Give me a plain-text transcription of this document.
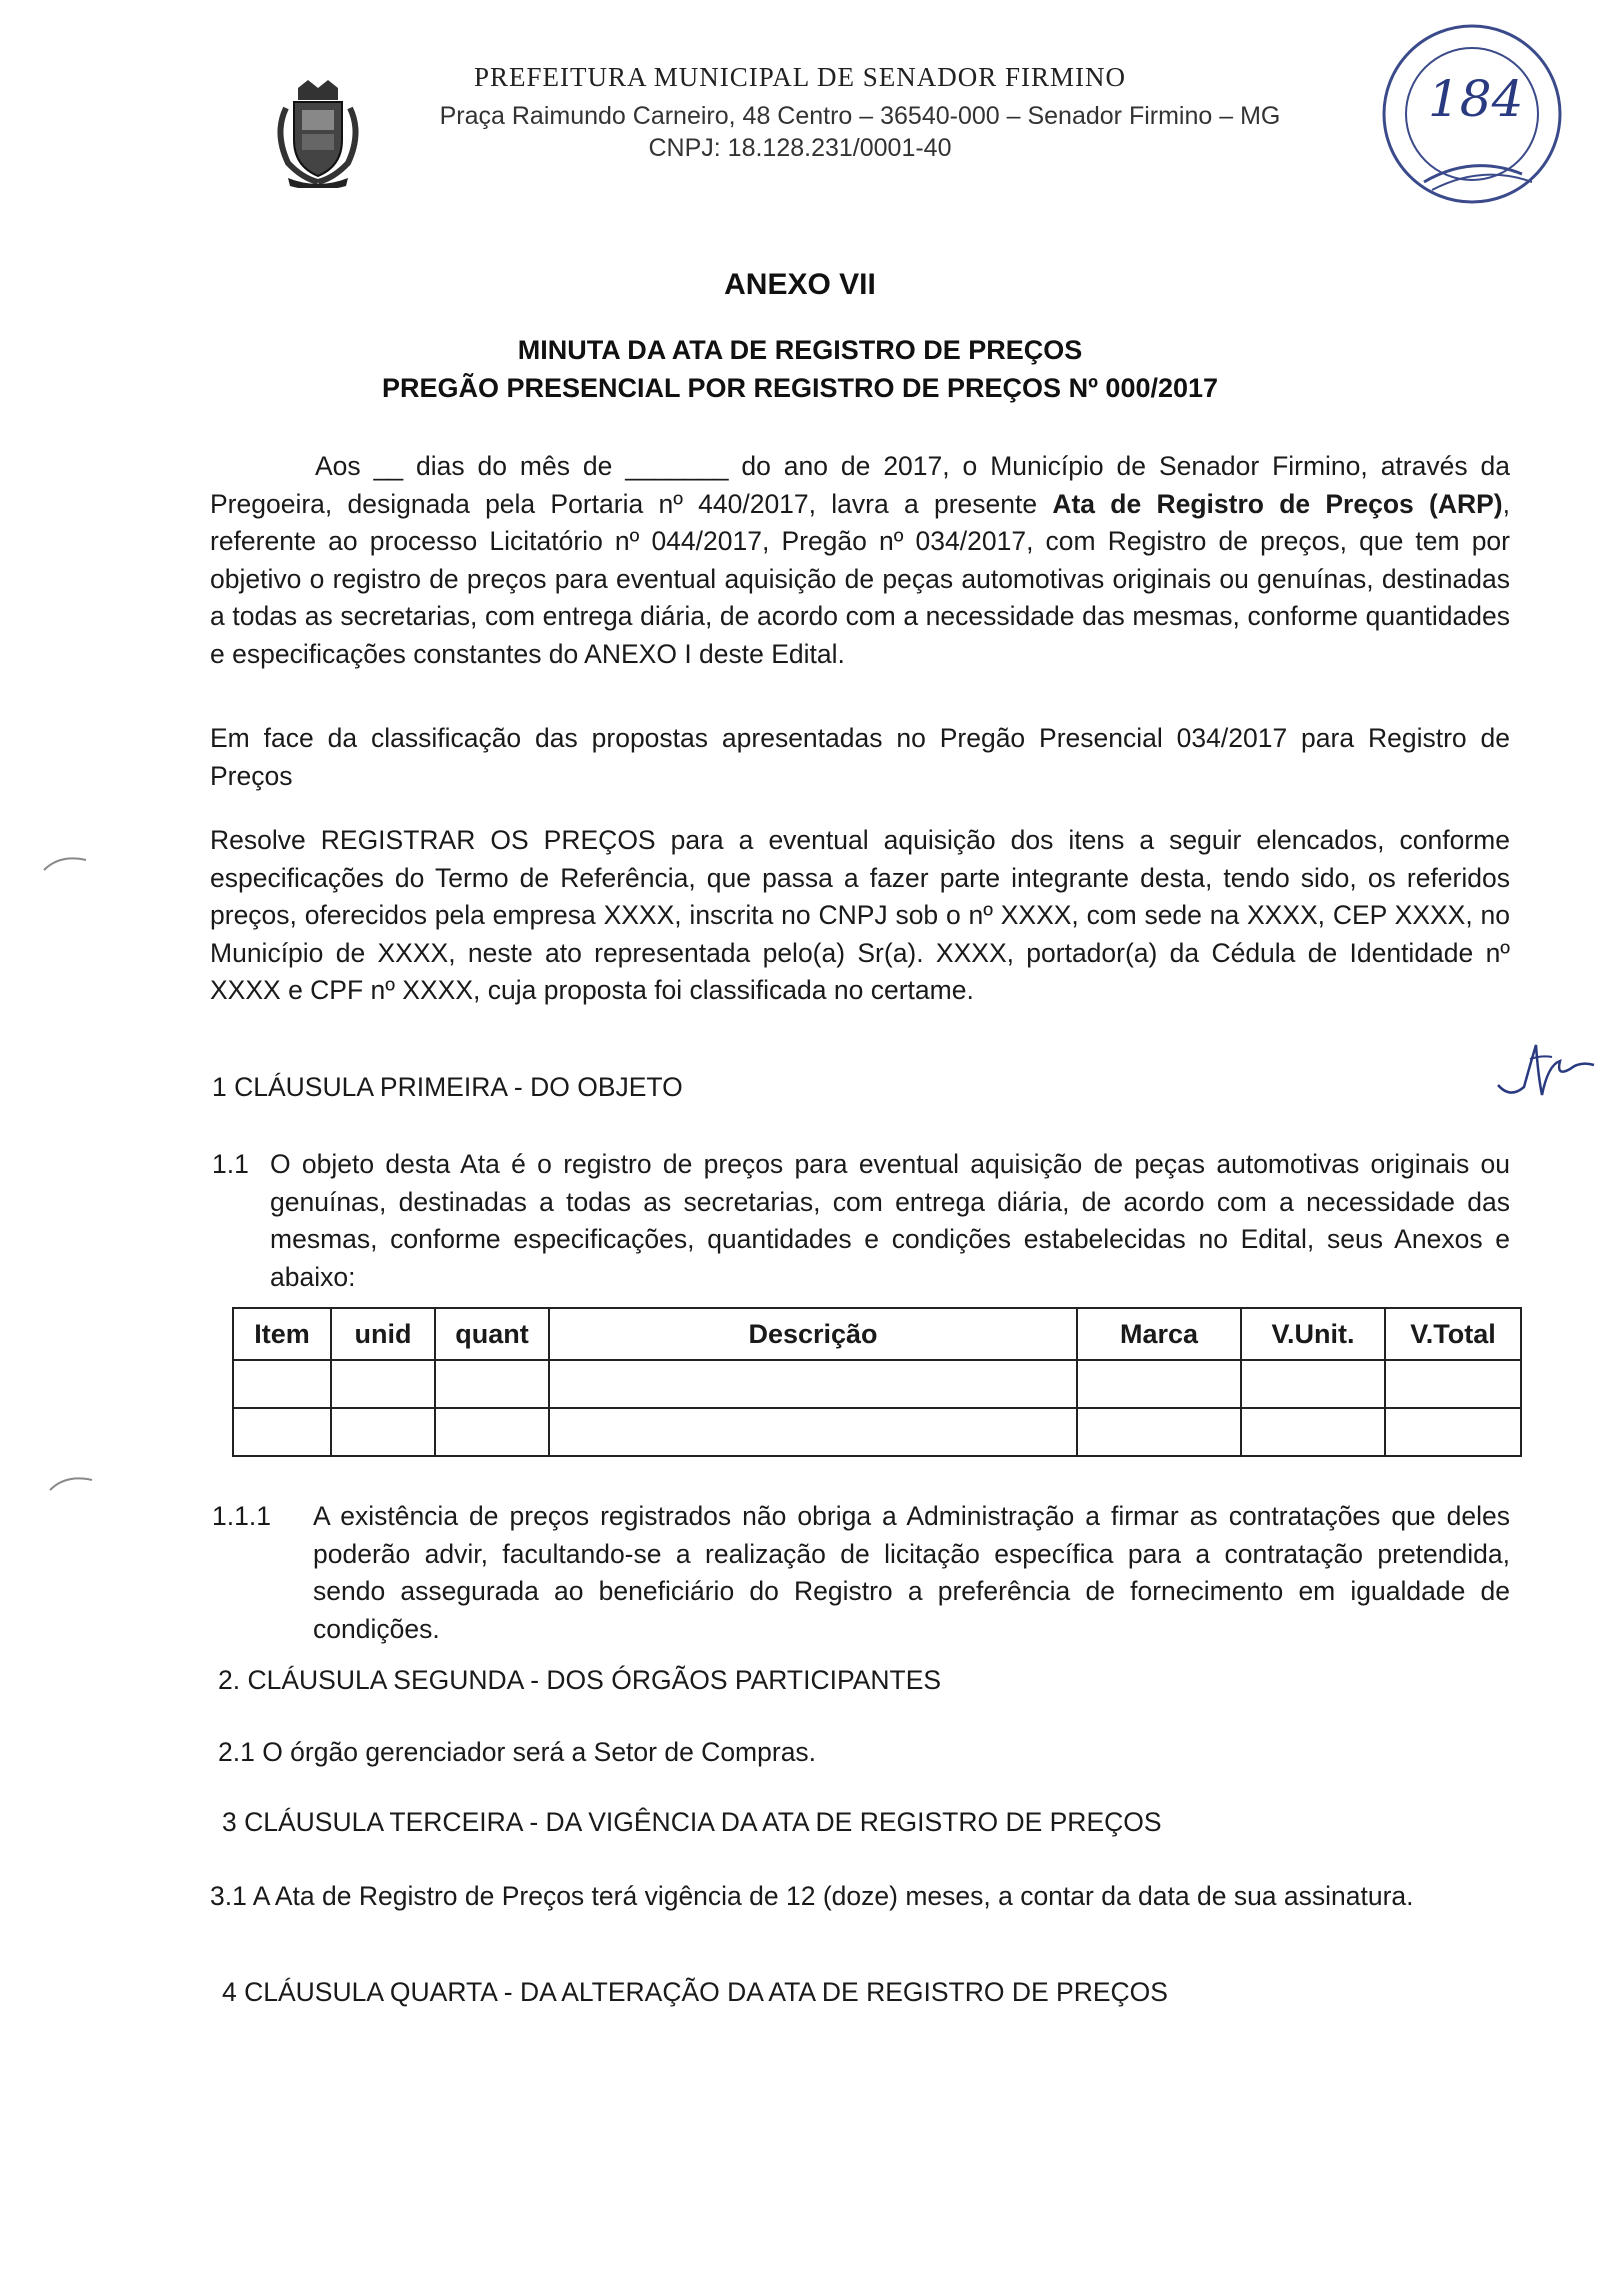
PREFEITURA MUNICIPAL DE SENADOR FIRMINO
Praça Raimundo Carneiro, 48 Centro – 36540-000 – Senador Firmino – MG
CNPJ: 18.128.231/0001-40
184
ANEXO VII
MINUTA DA ATA DE REGISTRO DE PREÇOS
PREGÃO PRESENCIAL POR REGISTRO DE PREÇOS Nº 000/2017
Aos __ dias do mês de _______ do ano de 2017, o Município de Senador Firmino, através da Pregoeira, designada pela Portaria nº 440/2017, lavra a presente Ata de Registro de Preços (ARP), referente ao processo Licitatório nº 044/2017, Pregão nº 034/2017, com Registro de preços, que tem por objetivo o registro de preços para eventual aquisição de peças automotivas originais ou genuínas, destinadas a todas as secretarias, com entrega diária, de acordo com a necessidade das mesmas, conforme quantidades e especificações constantes do ANEXO I deste Edital.
Em face da classificação das propostas apresentadas no Pregão Presencial 034/2017 para Registro de Preços
Resolve REGISTRAR OS PREÇOS para a eventual aquisição dos itens a seguir elencados, conforme especificações do Termo de Referência, que passa a fazer parte integrante desta, tendo sido, os referidos preços, oferecidos pela empresa XXXX, inscrita no CNPJ sob o nº XXXX, com sede na XXXX, CEP XXXX, no Município de XXXX, neste ato representada pelo(a) Sr(a). XXXX, portador(a) da Cédula de Identidade nº XXXX e CPF nº XXXX, cuja proposta foi classificada no certame.
1 CLÁUSULA PRIMEIRA - DO OBJETO
1.1 O objeto desta Ata é o registro de preços para eventual aquisição de peças automotivas originais ou genuínas, destinadas a todas as secretarias, com entrega diária, de acordo com a necessidade das mesmas, conforme especificações, quantidades e condições estabelecidas no Edital, seus Anexos e abaixo:
Item	unid	quant	Descrição	Marca	V.Unit.	V.Total

1.1.1 A existência de preços registrados não obriga a Administração a firmar as contratações que deles poderão advir, facultando-se a realização de licitação específica para a contratação pretendida, sendo assegurada ao beneficiário do Registro a preferência de fornecimento em igualdade de condições.
2. CLÁUSULA SEGUNDA - DOS ÓRGÃOS PARTICIPANTES
2.1 O órgão gerenciador será a Setor de Compras.
3 CLÁUSULA TERCEIRA - DA VIGÊNCIA DA ATA DE REGISTRO DE PREÇOS
3.1 A Ata de Registro de Preços terá vigência de 12 (doze) meses, a contar da data de sua assinatura.
4 CLÁUSULA QUARTA - DA ALTERAÇÃO DA ATA DE REGISTRO DE PREÇOS
